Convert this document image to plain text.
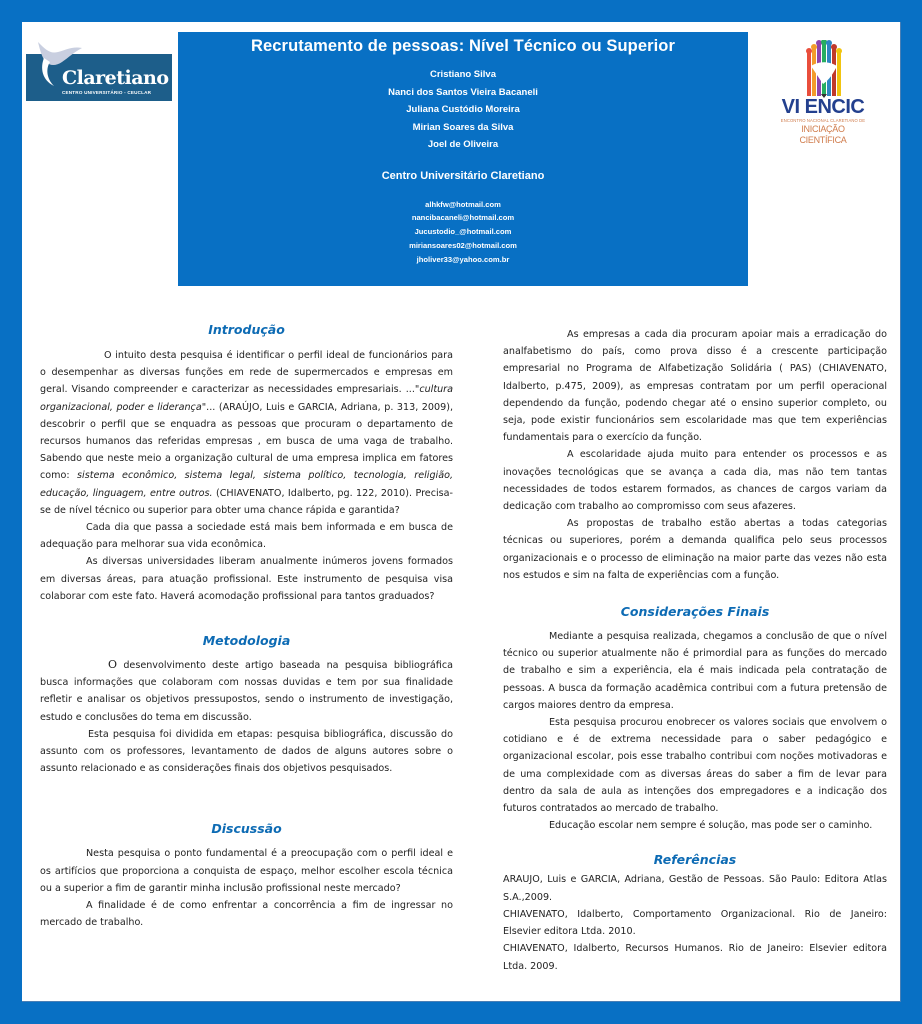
Claretiano
CENTRO UNIVERSITÁRIO - CEUCLAR
Recrutamento de pessoas: Nível Técnico ou Superior
Cristiano Silva
Nanci dos Santos Vieira Bacaneli
Juliana Custódio Moreira
Mirian Soares da Silva
Joel de Oliveira
Centro Universitário Claretiano
alhkfw@hotmail.com
nancibacaneli@hotmail.com
Jucustodio_@hotmail.com
miriansoares02@hotmail.com
jholiver33@yahoo.com.br
VI ENCIC
ENCONTRO NACIONAL CLARETIANO DE
INICIAÇÃO CIENTÍFICA
Introdução

O intuito desta pesquisa é identificar o perfil ideal de funcionários para o desempenhar as diversas funções em rede de supermercados e empresas em geral. Visando compreender e caracterizar as necessidades empresariais. ..."cultura organizacional, poder e liderança"... (ARAÚJO, Luis e GARCIA, Adriana, p. 313, 2009), descobrir o perfil que se enquadra as pessoas que procuram o departamento de recursos humanos das referidas empresas , em busca de uma vaga de trabalho. Sabendo que neste meio a organização cultural de uma empresa implica em fatores como: sistema econômico, sistema legal, sistema político, tecnologia, religião, educação, linguagem, entre outros. (CHIAVENATO, Idalberto, pg. 122, 2010). Precisa-se de nível técnico ou superior para obter uma chance rápida e garantida?

Cada dia que passa a sociedade está mais bem informada e em busca de adequação para melhorar sua vida econômica.

As diversas universidades liberam anualmente inúmeros jovens formados em diversas áreas, para atuação profissional. Este instrumento de pesquisa visa colaborar com este fato. Haverá acomodação profissional para tantos graduados?

Metodologia

O desenvolvimento deste artigo baseada na pesquisa bibliográfica busca informações que colaboram com nossas duvidas e tem por sua finalidade refletir e analisar os objetivos pressupostos, sendo o instrumento de investigação, estudo e conclusões do tema em discussão.

Esta pesquisa foi dividida em etapas: pesquisa bibliográfica, discussão do assunto com os professores, levantamento de dados de alguns autores sobre o assunto relacionado e as considerações finais dos objetivos pesquisados.

Discussão

Nesta pesquisa o ponto fundamental é a preocupação com o perfil ideal e os artifícios que proporciona a conquista de espaço, melhor escolher escola técnica ou a superior a fim de garantir minha inclusão profissional neste mercado?

A finalidade é de como enfrentar a concorrência a fim de ingressar no mercado de trabalho.

As empresas a cada dia procuram apoiar mais a erradicação do analfabetismo do país, como prova disso é a crescente participação empresarial no Programa de Alfabetização Solidária ( PAS) (CHIAVENATO, Idalberto, p.475, 2009), as empresas contratam por um perfil operacional dependendo da função, podendo chegar até o ensino superior completo, ou seja, pode existir funcionários sem escolaridade mas que tem experiências fundamentais para o exercício da função.

A escolaridade ajuda muito para entender os processos e as inovações tecnológicas que se avança a cada dia, mas não tem tantas necessidades de todos estarem formados, as chances de cargos variam da dedicação com trabalho ao compromisso com seus afazeres.

As propostas de trabalho estão abertas a todas categorias técnicas ou superiores, porém a demanda qualifica pelo seus processos organizacionais e o processo de eliminação na maior parte das vezes não esta nos estudos e sim na falta de experiências com a função.

Considerações Finais

Mediante a pesquisa realizada, chegamos a conclusão de que o nível técnico ou superior atualmente não é primordial para as funções do mercado de trabalho e sim a experiência, ela é mais indicada pela contratação de pessoas. A busca da formação acadêmica contribui com a futura pretensão de cargos maiores dentro da empresa.

Esta pesquisa procurou enobrecer os valores sociais que envolvem o cotidiano e é de extrema necessidade para o saber pedagógico e organizacional escolar, pois esse trabalho contribui com noções motivadoras e de uma complexidade com as diversas áreas do saber a fim de levar para dentro da sala de aula as intenções dos empregadores e a indicação dos futuros contratados ao mercado de trabalho.

Educação escolar nem sempre é solução, mas pode ser o caminho.

Referências

ARAUJO, Luis e GARCIA, Adriana, Gestão de Pessoas. São Paulo: Editora Atlas S.A.,2009.

CHIAVENATO, Idalberto, Comportamento Organizacional. Rio de Janeiro: Elsevier editora Ltda. 2010.

CHIAVENATO, Idalberto, Recursos Humanos. Rio de Janeiro: Elsevier editora Ltda. 2009.
